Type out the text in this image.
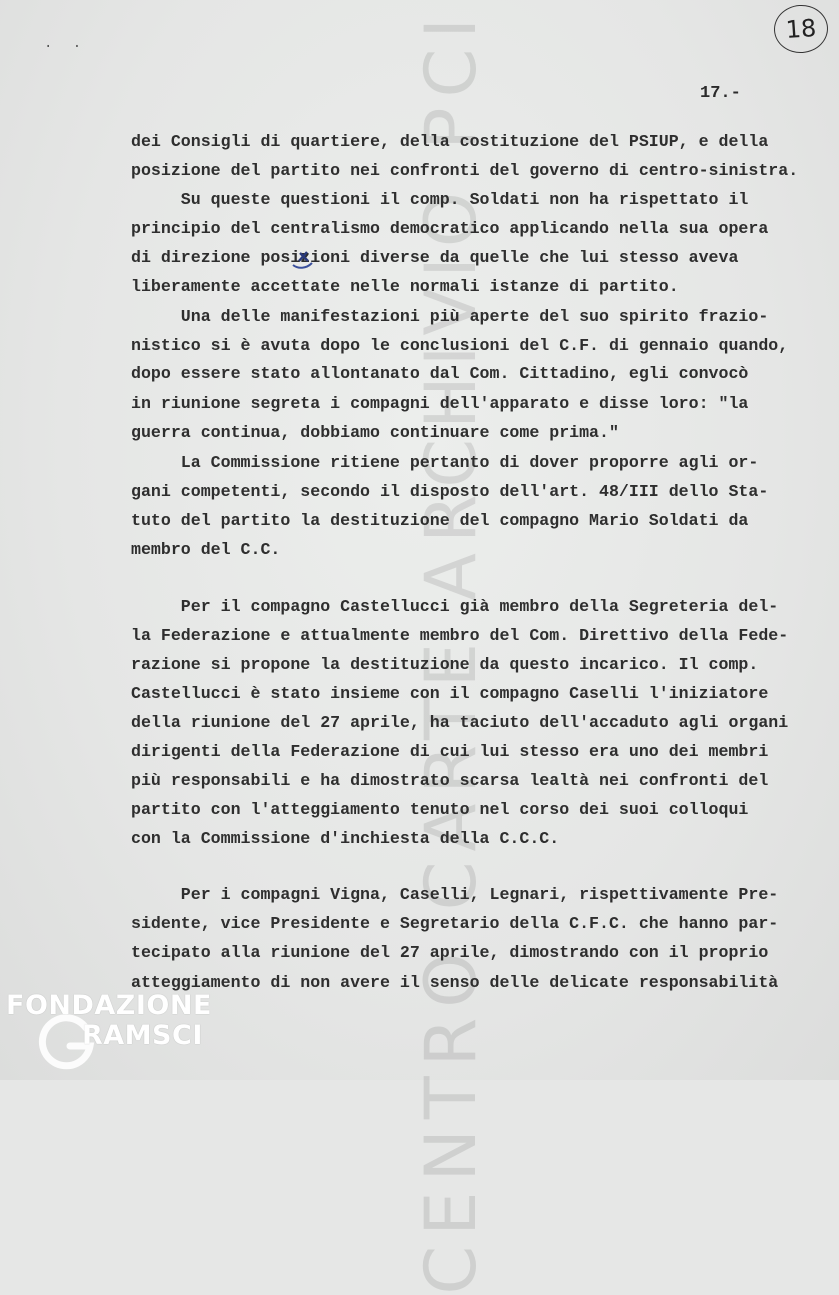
CENTRO CARTE ARCHIVIO PCI
. .	18
17.-
dei Consigli di quartiere, della costituzione del PSIUP, e della
posizione del partito nei confronti del governo di centro-sinistra.
Su queste questioni il comp. Soldati non ha rispettato il
principio del centralismo democratico applicando nella sua opera
di direzione posizioni diverse da quelle che lui stesso aveva
liberamente accettate nelle normali istanze di partito.
Una delle manifestazioni più aperte del suo spirito frazio-
nistico si è avuta dopo le conclusioni del C.F. di gennaio quando,
dopo essere stato allontanato dal Com. Cittadino, egli convocò
in riunione segreta i compagni dell'apparato e disse loro: "la
guerra continua, dobbiamo continuare come prima."
La Commissione ritiene pertanto di dover proporre agli or-
gani competenti, secondo il disposto dell'art. 48/III dello Sta-
tuto del partito la destituzione del compagno Mario Soldati da
membro del C.C.
Per il compagno Castellucci già membro della Segreteria del-
la Federazione e attualmente membro del Com. Direttivo della Fede-
razione si propone la destituzione da questo incarico. Il comp.
Castellucci è stato insieme con il compagno Caselli l'iniziatore
della riunione del 27 aprile, ha taciuto dell'accaduto agli organi
dirigenti della Federazione di cui lui stesso era uno dei membri
più responsabili e ha dimostrato scarsa lealtà nei confronti del
partito con l'atteggiamento tenuto nel corso dei suoi colloqui
con la Commissione d'inchiesta della C.C.C.
Per i compagni Vigna, Caselli, Legnari, rispettivamente Pre-
sidente, vice Presidente e Segretario della C.F.C. che hanno par-
tecipato alla riunione del 27 aprile, dimostrando con il proprio
atteggiamento di non avere il senso delle delicate responsabilità
FONDAZIONE
RAMSCI
